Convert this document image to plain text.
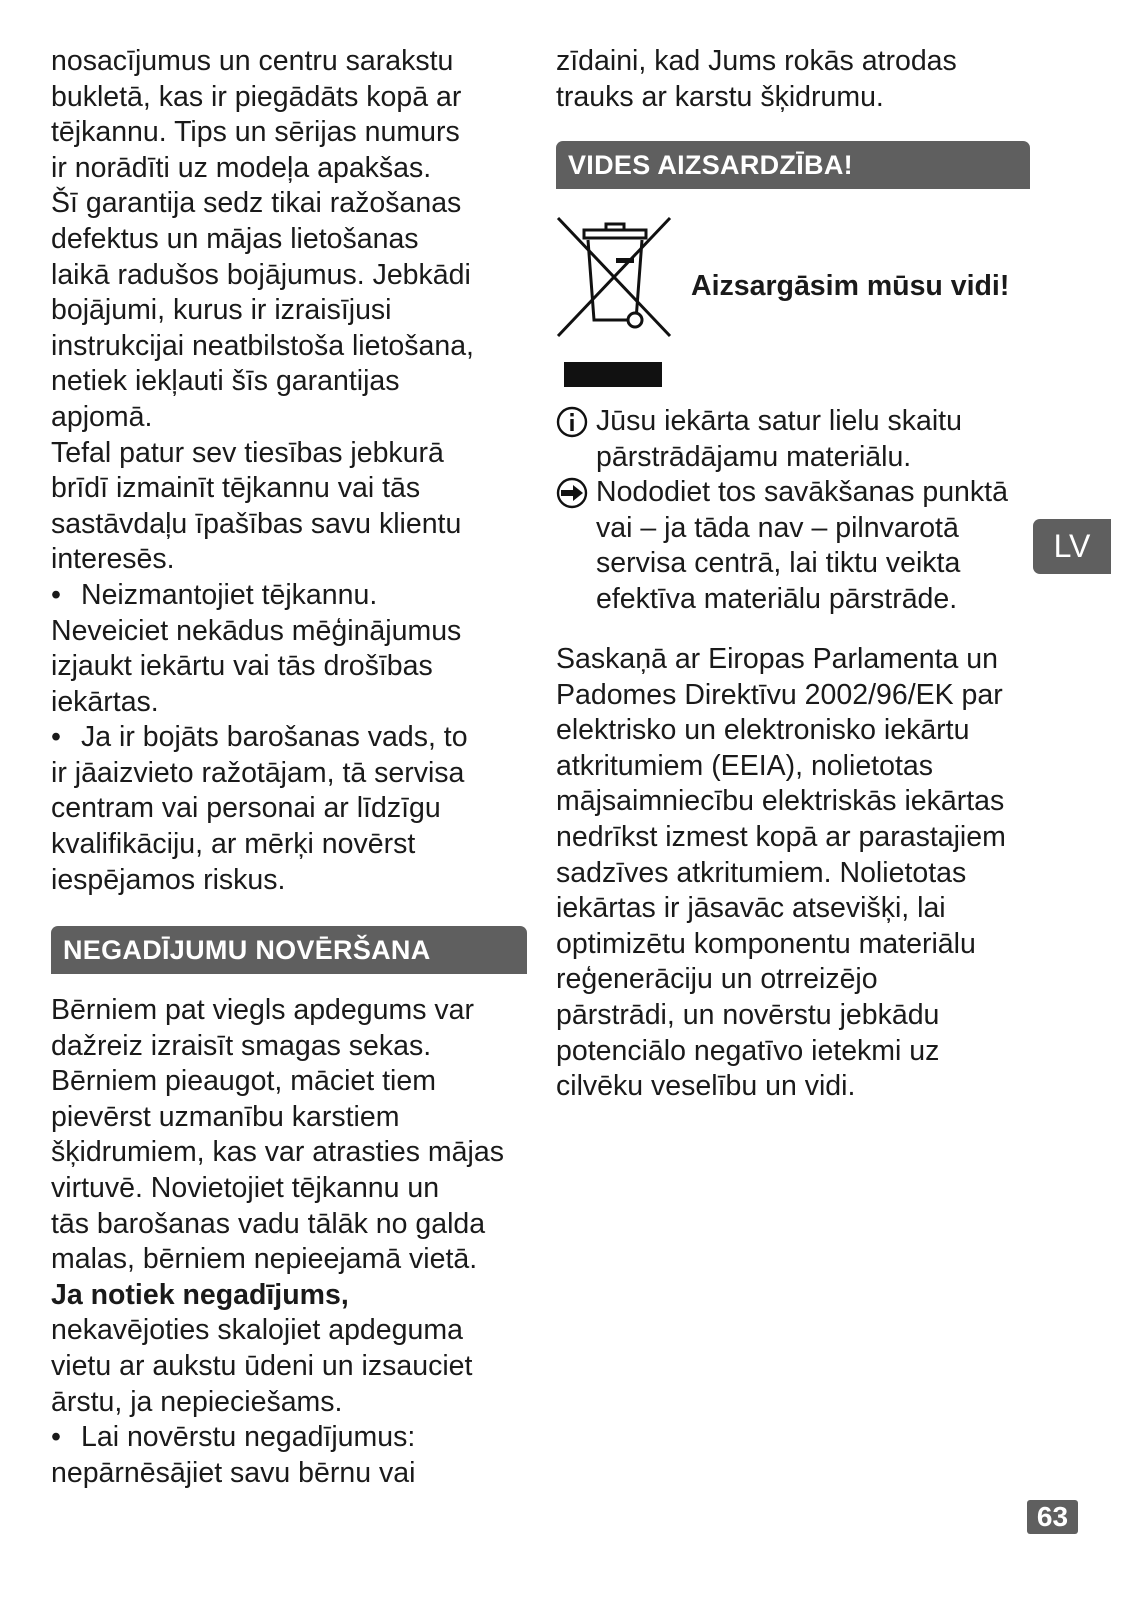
nosacījumus un centru sarakstu
bukletā, kas ir piegādāts kopā ar
tējkannu. Tips un sērijas numurs
ir norādīti uz modeļa apakšas.
Šī garantija sedz tikai ražošanas
defektus un mājas lietošanas
laikā radušos bojājumus. Jebkādi
bojājumi, kurus ir izraisījusi
instrukcijai neatbilstoša lietošana,
netiek iekļauti šīs garantijas
apjomā.
Tefal patur sev tiesības jebkurā
brīdī izmainīt tējkannu vai tās
sastāvdaļu īpašības savu klientu
interesēs.
• Neizmantojiet tējkannu.
Neveiciet nekādus mēģinājumus
izjaukt iekārtu vai tās drošības
iekārtas.
• Ja ir bojāts barošanas vads, to
ir jāaizvieto ražotājam, tā servisa
centram vai personai ar līdzīgu
kvalifikāciju, ar mērķi novērst
iespējamos riskus.
NEGADĪJUMU NOVĒRŠANA
Bērniem pat viegls apdegums var
dažreiz izraisīt smagas sekas.
Bērniem pieaugot, māciet tiem
pievērst uzmanību karstiem
šķidrumiem, kas var atrasties mājas
virtuvē. Novietojiet tējkannu un
tās barošanas vadu tālāk no galda
malas, bērniem nepieejamā vietā.
Ja notiek negadījums,
nekavējoties skalojiet apdeguma
vietu ar aukstu ūdeni un izsauciet
ārstu, ja nepieciešams.
• Lai novērstu negadījumus:
nepārnēsājiet savu bērnu vai
zīdaini, kad Jums rokās atrodas
trauks ar karstu šķidrumu.
VIDES AIZSARDZĪBA!
Aizsargāsim mūsu vidi!
Jūsu iekārta satur lielu skaitu
pārstrādājamu materiālu.
Nododiet tos savākšanas punktā
vai – ja tāda nav – pilnvarotā
servisa centrā, lai tiktu veikta
efektīva materiālu pārstrāde.
Saskaņā ar Eiropas Parlamenta un
Padomes Direktīvu 2002/96/EK par
elektrisko un elektronisko iekārtu
atkritumiem (EEIA), nolietotas
mājsaimniecību elektriskās iekārtas
nedrīkst izmest kopā ar parastajiem
sadzīves atkritumiem. Nolietotas
iekārtas ir jāsavāc atsevišķi, lai
optimizētu komponentu materiālu
reģenerāciju un otrreizējo
pārstrādi, un novērstu jebkādu
potenciālo negatīvo ietekmi uz
cilvēku veselību un vidi.
LV
63
